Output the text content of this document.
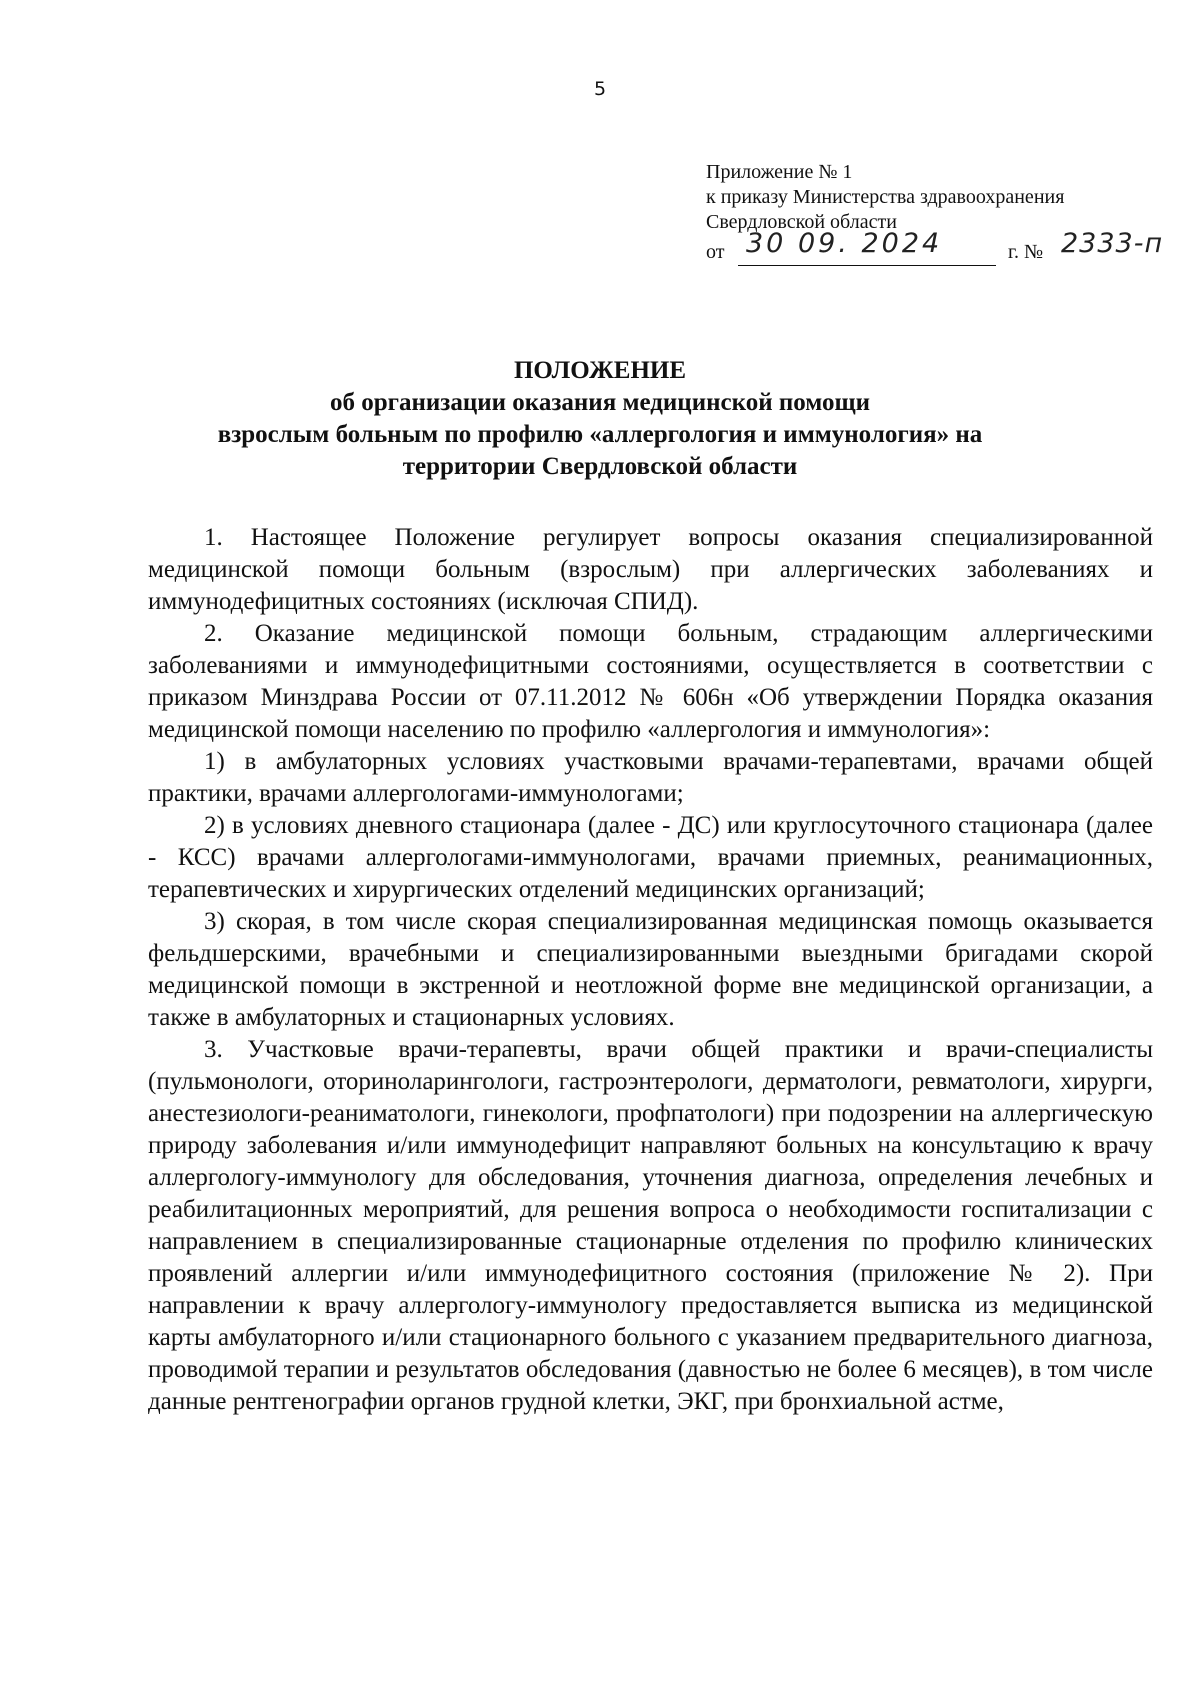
5
Приложение № 1
к приказу Министерства здравоохранения
Свердловской области
от 30 09. 2024	г. № 2333-п
ПОЛОЖЕНИЕ
об организации оказания медицинской помощи
взрослым больным по профилю «аллергология и иммунология» на
территории Свердловской области

1. Настоящее Положение регулирует вопросы оказания специализированной медицинской помощи больным (взрослым) при аллергических заболеваниях и иммунодефицитных состояниях (исключая СПИД).

2. Оказание медицинской помощи больным, страдающим аллергическими заболеваниями и иммунодефицитными состояниями, осуществляется в соответствии с приказом Минздрава России от 07.11.2012 № 606н «Об утверждении Порядка оказания медицинской помощи населению по профилю «аллергология и иммунология»:

1) в амбулаторных условиях участковыми врачами-терапевтами, врачами общей практики, врачами аллергологами-иммунологами;

2) в условиях дневного стационара (далее - ДС) или круглосуточного стационара (далее - КСС) врачами аллергологами-иммунологами, врачами приемных, реанимационных, терапевтических и хирургических отделений медицинских организаций;

3) скорая, в том числе скорая специализированная медицинская помощь оказывается фельдшерскими, врачебными и специализированными выездными бригадами скорой медицинской помощи в экстренной и неотложной форме вне медицинской организации, а также в амбулаторных и стационарных условиях.

3. Участковые врачи-терапевты, врачи общей практики и врачи-специалисты (пульмонологи, оториноларингологи, гастроэнтерологи, дерматологи, ревматологи, хирурги, анестезиологи-реаниматологи, гинекологи, профпатологи) при подозрении на аллергическую природу заболевания и/или иммунодефицит направляют больных на консультацию к врачу аллергологу-иммунологу для обследования, уточнения диагноза, определения лечебных и реабилитационных мероприятий, для решения вопроса о необходимости госпитализации с направлением в специализированные стационарные отделения по профилю клинических проявлений аллергии и/или иммунодефицитного состояния (приложение № 2). При направлении к врачу аллергологу-иммунологу предоставляется выписка из медицинской карты амбулаторного и/или стационарного больного с указанием предварительного диагноза, проводимой терапии и результатов обследования (давностью не более 6 месяцев), в том числе данные рентгенографии органов грудной клетки, ЭКГ, при бронхиальной астме,
